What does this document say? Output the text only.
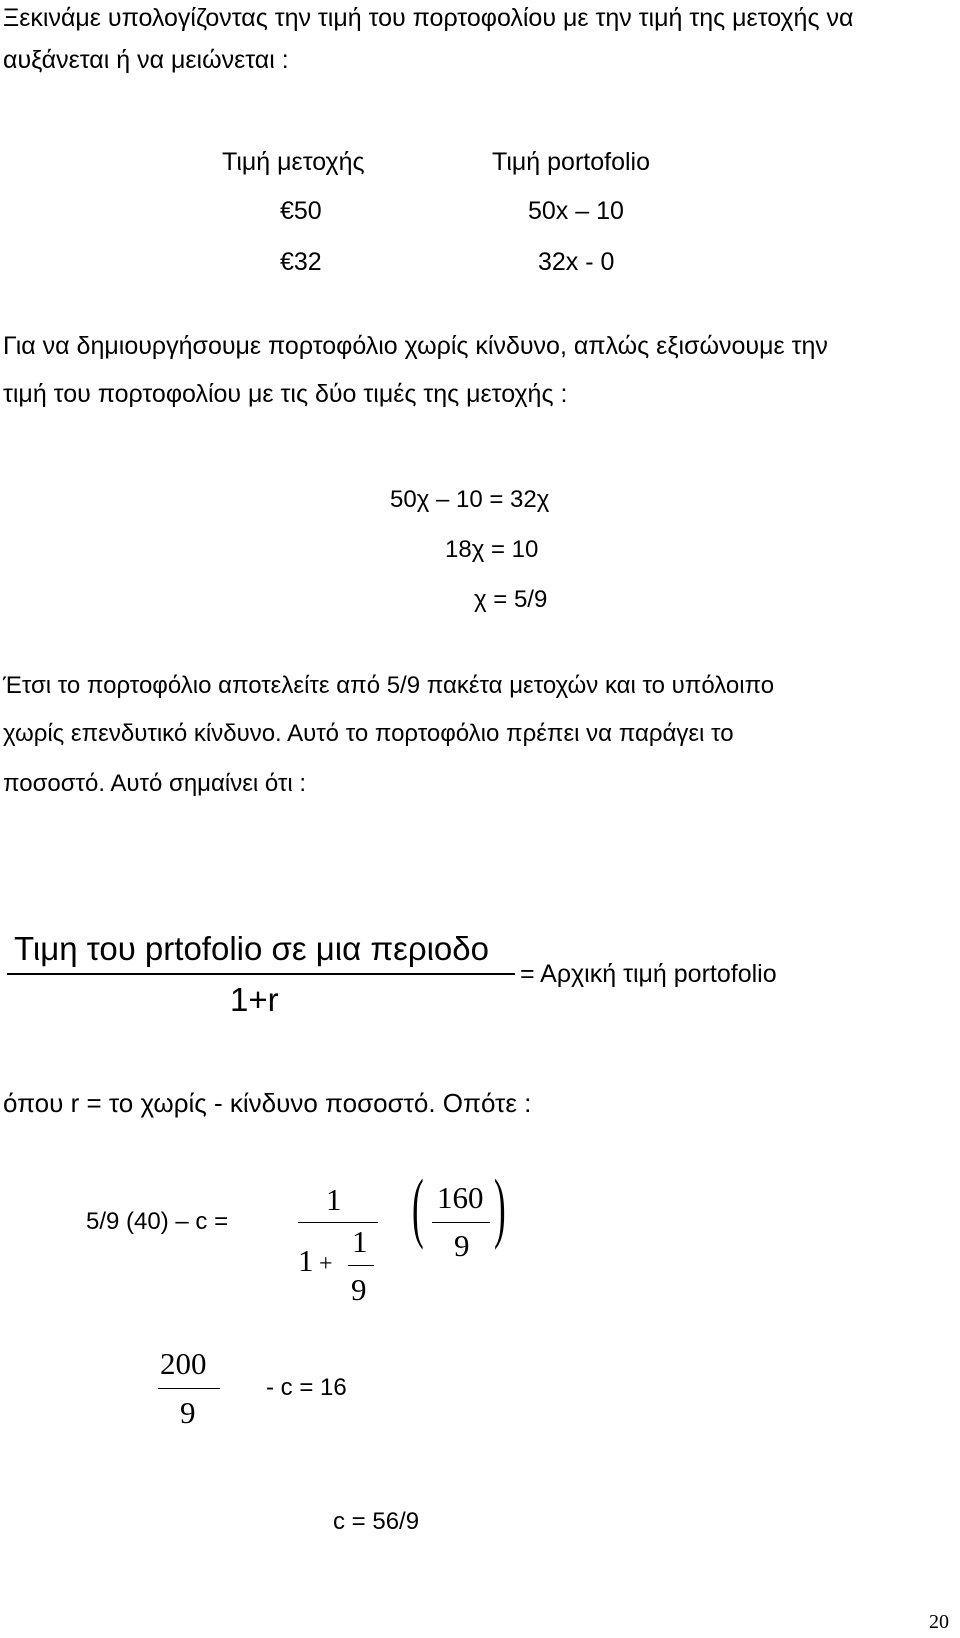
Ξεκινάμε υπολογίζοντας την τιμή του πορτοφολίου με την τιμή της μετοχής να
αυξάνεται ή να μειώνεται :
Τιμή μετοχής	Τιμή portofolio
€50	50x – 10
€32	32x - 0
Για να δημιουργήσουμε πορτοφόλιο χωρίς κίνδυνο, απλώς εξισώνουμε την
τιμή του πορτοφολίου με τις δύο τιμές της μετοχής :
50χ – 10 = 32χ
18χ = 10
χ = 5/9
Έτσι το πορτοφόλιο αποτελείτε από 5/9 πακέτα μετοχών και το υπόλοιπο
χωρίς επενδυτικό κίνδυνο. Αυτό το πορτοφόλιο πρέπει να παράγει το
ποσοστό. Αυτό σημαίνει ότι :
Τιμη του prtofolio σε μια περιοδο
1+r
= Αρχική τιμή portofolio
όπου r = το χωρίς - κίνδυνο ποσοστό. Οπότε :
5/9 (40) – c =
1
1 +
1
9
( 160
9 )
200
9
- c = 16
c = 56/9
20
